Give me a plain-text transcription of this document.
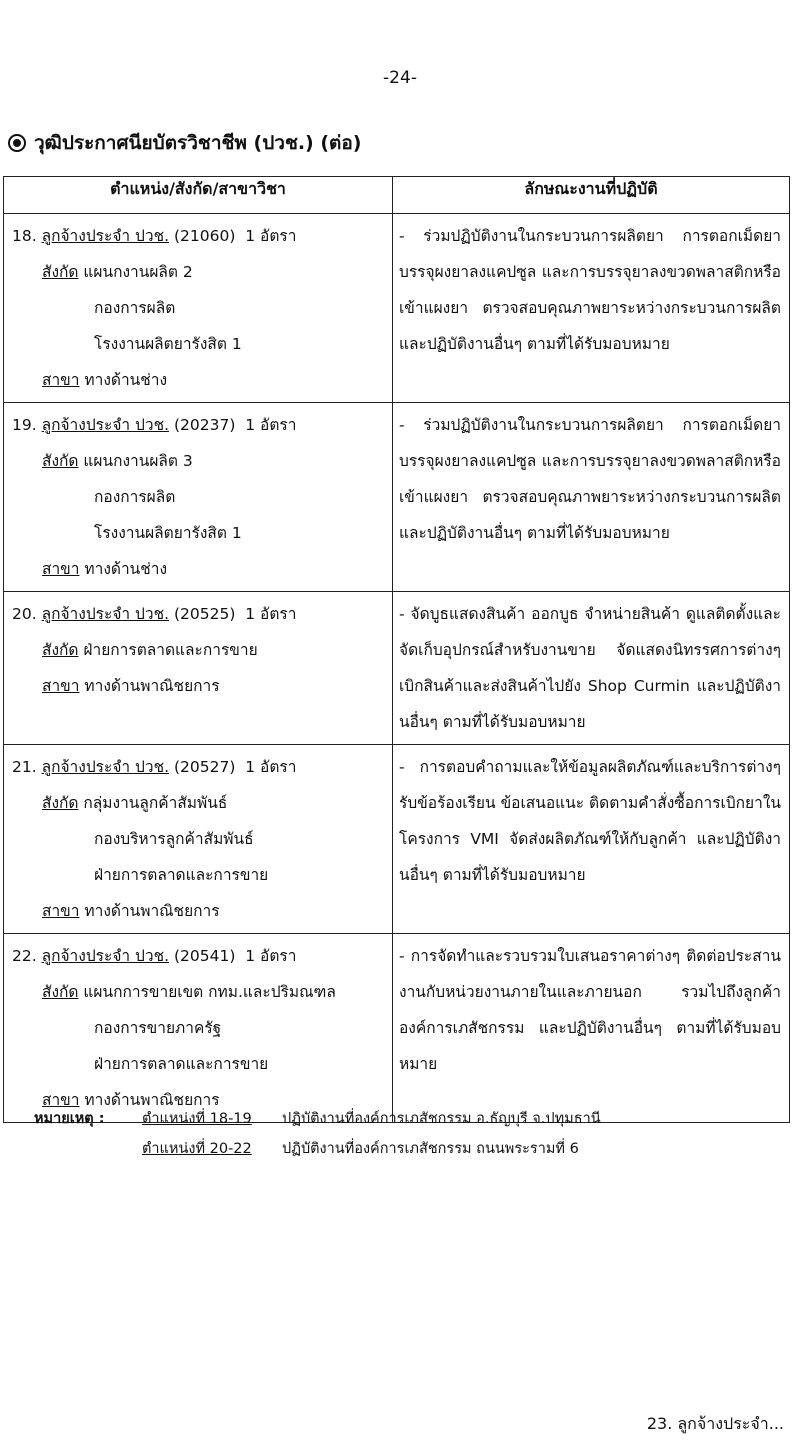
-24-
วุฒิประกาศนียบัตรวิชาชีพ (ปวช.) (ต่อ)
ตำแหน่ง/สังกัด/สาขาวิชา	ลักษณะงานที่ปฏิบัติ

18. ลูกจ้างประจำ ปวช. (21060) 1 อัตรา
สังกัด แผนกงานผลิต 2
กองการผลิต
โรงงานผลิตยารังสิต 1
สาขา ทางด้านช่าง	- ร่วมปฏิบัติงานในกระบวนการผลิตยา การตอกเม็ดยาบรรจุผงยาลงแคปซูล และการบรรจุยาลงขวดพลาสติกหรือเข้าแผงยา ตรวจสอบคุณภาพยาระหว่างกระบวนการผลิต และปฏิบัติงานอื่นๆ ตามที่ได้รับมอบหมาย

19. ลูกจ้างประจำ ปวช. (20237) 1 อัตรา
สังกัด แผนกงานผลิต 3
กองการผลิต
โรงงานผลิตยารังสิต 1
สาขา ทางด้านช่าง	- ร่วมปฏิบัติงานในกระบวนการผลิตยา การตอกเม็ดยาบรรจุผงยาลงแคปซูล และการบรรจุยาลงขวดพลาสติกหรือเข้าแผงยา ตรวจสอบคุณภาพยาระหว่างกระบวนการผลิต และปฏิบัติงานอื่นๆ ตามที่ได้รับมอบหมาย

20. ลูกจ้างประจำ ปวช. (20525) 1 อัตรา
สังกัด ฝ่ายการตลาดและการขาย
สาขา ทางด้านพาณิชยการ	- จัดบูธแสดงสินค้า ออกบูธ จำหน่ายสินค้า ดูแลติดตั้งและจัดเก็บอุปกรณ์สำหรับงานขาย จัดแสดงนิทรรศการต่างๆ เบิกสินค้าและส่งสินค้าไปยัง Shop Curmin และปฏิบัติงานอื่นๆ ตามที่ได้รับมอบหมาย

21. ลูกจ้างประจำ ปวช. (20527) 1 อัตรา
สังกัด กลุ่มงานลูกค้าสัมพันธ์
กองบริหารลูกค้าสัมพันธ์
ฝ่ายการตลาดและการขาย
สาขา ทางด้านพาณิชยการ	- การตอบคำถามและให้ข้อมูลผลิตภัณฑ์และบริการต่างๆ รับข้อร้องเรียน ข้อเสนอแนะ ติดตามคำสั่งซื้อการเบิกยาในโครงการ VMI จัดส่งผลิตภัณฑ์ให้กับลูกค้า และปฏิบัติงานอื่นๆ ตามที่ได้รับมอบหมาย

22. ลูกจ้างประจำ ปวช. (20541) 1 อัตรา
สังกัด แผนกการขายเขต กทม.และปริมณฑล
กองการขายภาครัฐ
ฝ่ายการตลาดและการขาย
สาขา ทางด้านพาณิชยการ	- การจัดทำและรวบรวมใบเสนอราคาต่างๆ ติดต่อประสานงานกับหน่วยงานภายในและภายนอก รวมไปถึงลูกค้าองค์การเภสัชกรรม และปฏิบัติงานอื่นๆ ตามที่ได้รับมอบหมาย
หมายเหตุ :	ตำแหน่งที่ 18-19	ปฏิบัติงานที่องค์การเภสัชกรรม อ.ธัญบุรี จ.ปทุมธานี
ตำแหน่งที่ 20-22	ปฏิบัติงานที่องค์การเภสัชกรรม ถนนพระรามที่ 6
23. ลูกจ้างประจำ...
